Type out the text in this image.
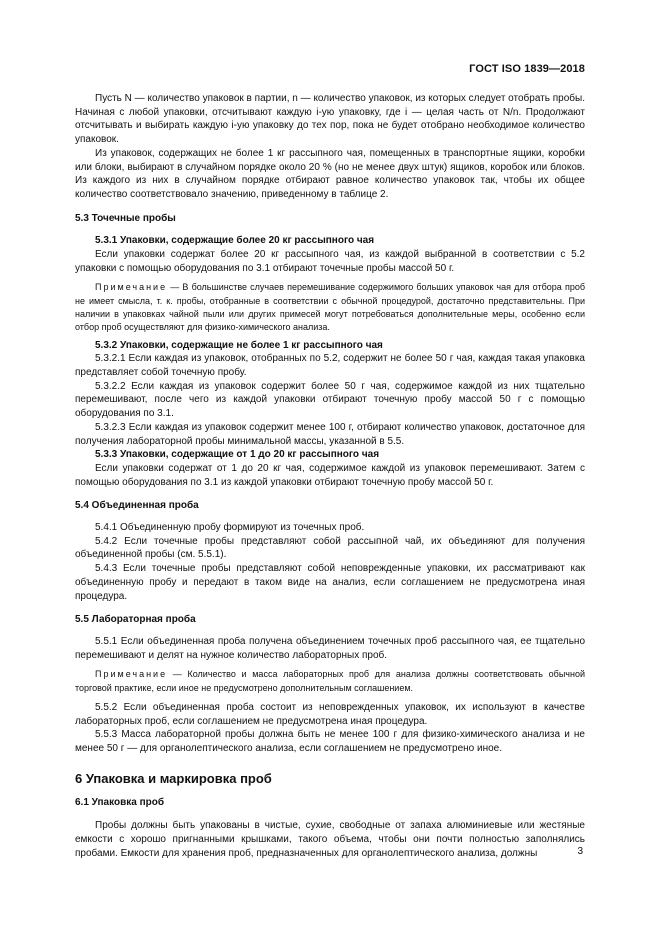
ГОСТ ISO 1839—2018

Пусть N — количество упаковок в партии, n — количество упаковок, из которых следует отобрать пробы. Начиная с любой упаковки, отсчитывают каждую i-ую упаковку, где i — целая часть от N/n. Продолжают отсчитывать и выбирать каждую i-ую упаковку до тех пор, пока не будет отобрано необходимое количество упаковок.

Из упаковок, содержащих не более 1 кг рассыпного чая, помещенных в транспортные ящики, коробки или блоки, выбирают в случайном порядке около 20 % (но не менее двух штук) ящиков, коробок или блоков. Из каждого из них в случайном порядке отбирают равное количество упаковок так, чтобы их общее количество соответствовало значению, приведенному в таблице 2.

5.3 Точечные пробы

5.3.1 Упаковки, содержащие более 20 кг рассыпного чая

Если упаковки содержат более 20 кг рассыпного чая, из каждой выбранной в соответствии с 5.2 упаковки с помощью оборудования по 3.1 отбирают точечные пробы массой 50 г.

Примечание — В большинстве случаев перемешивание содержимого больших упаковок чая для отбора проб не имеет смысла, т. к. пробы, отобранные в соответствии с обычной процедурой, достаточно представительны. При наличии в упаковках чайной пыли или других примесей могут потребоваться дополнительные меры, особенно если отбор проб осуществляют для физико-химического анализа.

5.3.2 Упаковки, содержащие не более 1 кг рассыпного чая

5.3.2.1 Если каждая из упаковок, отобранных по 5.2, содержит не более 50 г чая, каждая такая упаковка представляет собой точечную пробу.

5.3.2.2 Если каждая из упаковок содержит более 50 г чая, содержимое каждой из них тщательно перемешивают, после чего из каждой упаковки отбирают точечную пробу массой 50 г с помощью оборудования по 3.1.

5.3.2.3 Если каждая из упаковок содержит менее 100 г, отбирают количество упаковок, достаточное для получения лабораторной пробы минимальной массы, указанной в 5.5.

5.3.3 Упаковки, содержащие от 1 до 20 кг рассыпного чая

Если упаковки содержат от 1 до 20 кг чая, содержимое каждой из упаковок перемешивают. Затем с помощью оборудования по 3.1 из каждой упаковки отбирают точечную пробу массой 50 г.

5.4 Объединенная проба

5.4.1 Объединенную пробу формируют из точечных проб.

5.4.2 Если точечные пробы представляют собой рассыпной чай, их объединяют для получения объединенной пробы (см. 5.5.1).

5.4.3 Если точечные пробы представляют собой неповрежденные упаковки, их рассматривают как объединенную пробу и передают в таком виде на анализ, если соглашением не предусмотрена иная процедура.

5.5 Лабораторная проба

5.5.1 Если объединенная проба получена объединением точечных проб рассыпного чая, ее тщательно перемешивают и делят на нужное количество лабораторных проб.

Примечание — Количество и масса лабораторных проб для анализа должны соответствовать обычной торговой практике, если иное не предусмотрено дополнительным соглашением.

5.5.2 Если объединенная проба состоит из неповрежденных упаковок, их используют в качестве лабораторных проб, если соглашением не предусмотрена иная процедура.

5.5.3 Масса лабораторной пробы должна быть не менее 100 г для физико-химического анализа и не менее 50 г — для органолептического анализа, если соглашением не предусмотрено иное.

6 Упаковка и маркировка проб
6.1 Упаковка проб

Пробы должны быть упакованы в чистые, сухие, свободные от запаха алюминиевые или жестяные емкости с хорошо пригнанными крышками, такого объема, чтобы они почти полностью заполнялись пробами. Емкости для хранения проб, предназначенных для органолептического анализа, должны	3
